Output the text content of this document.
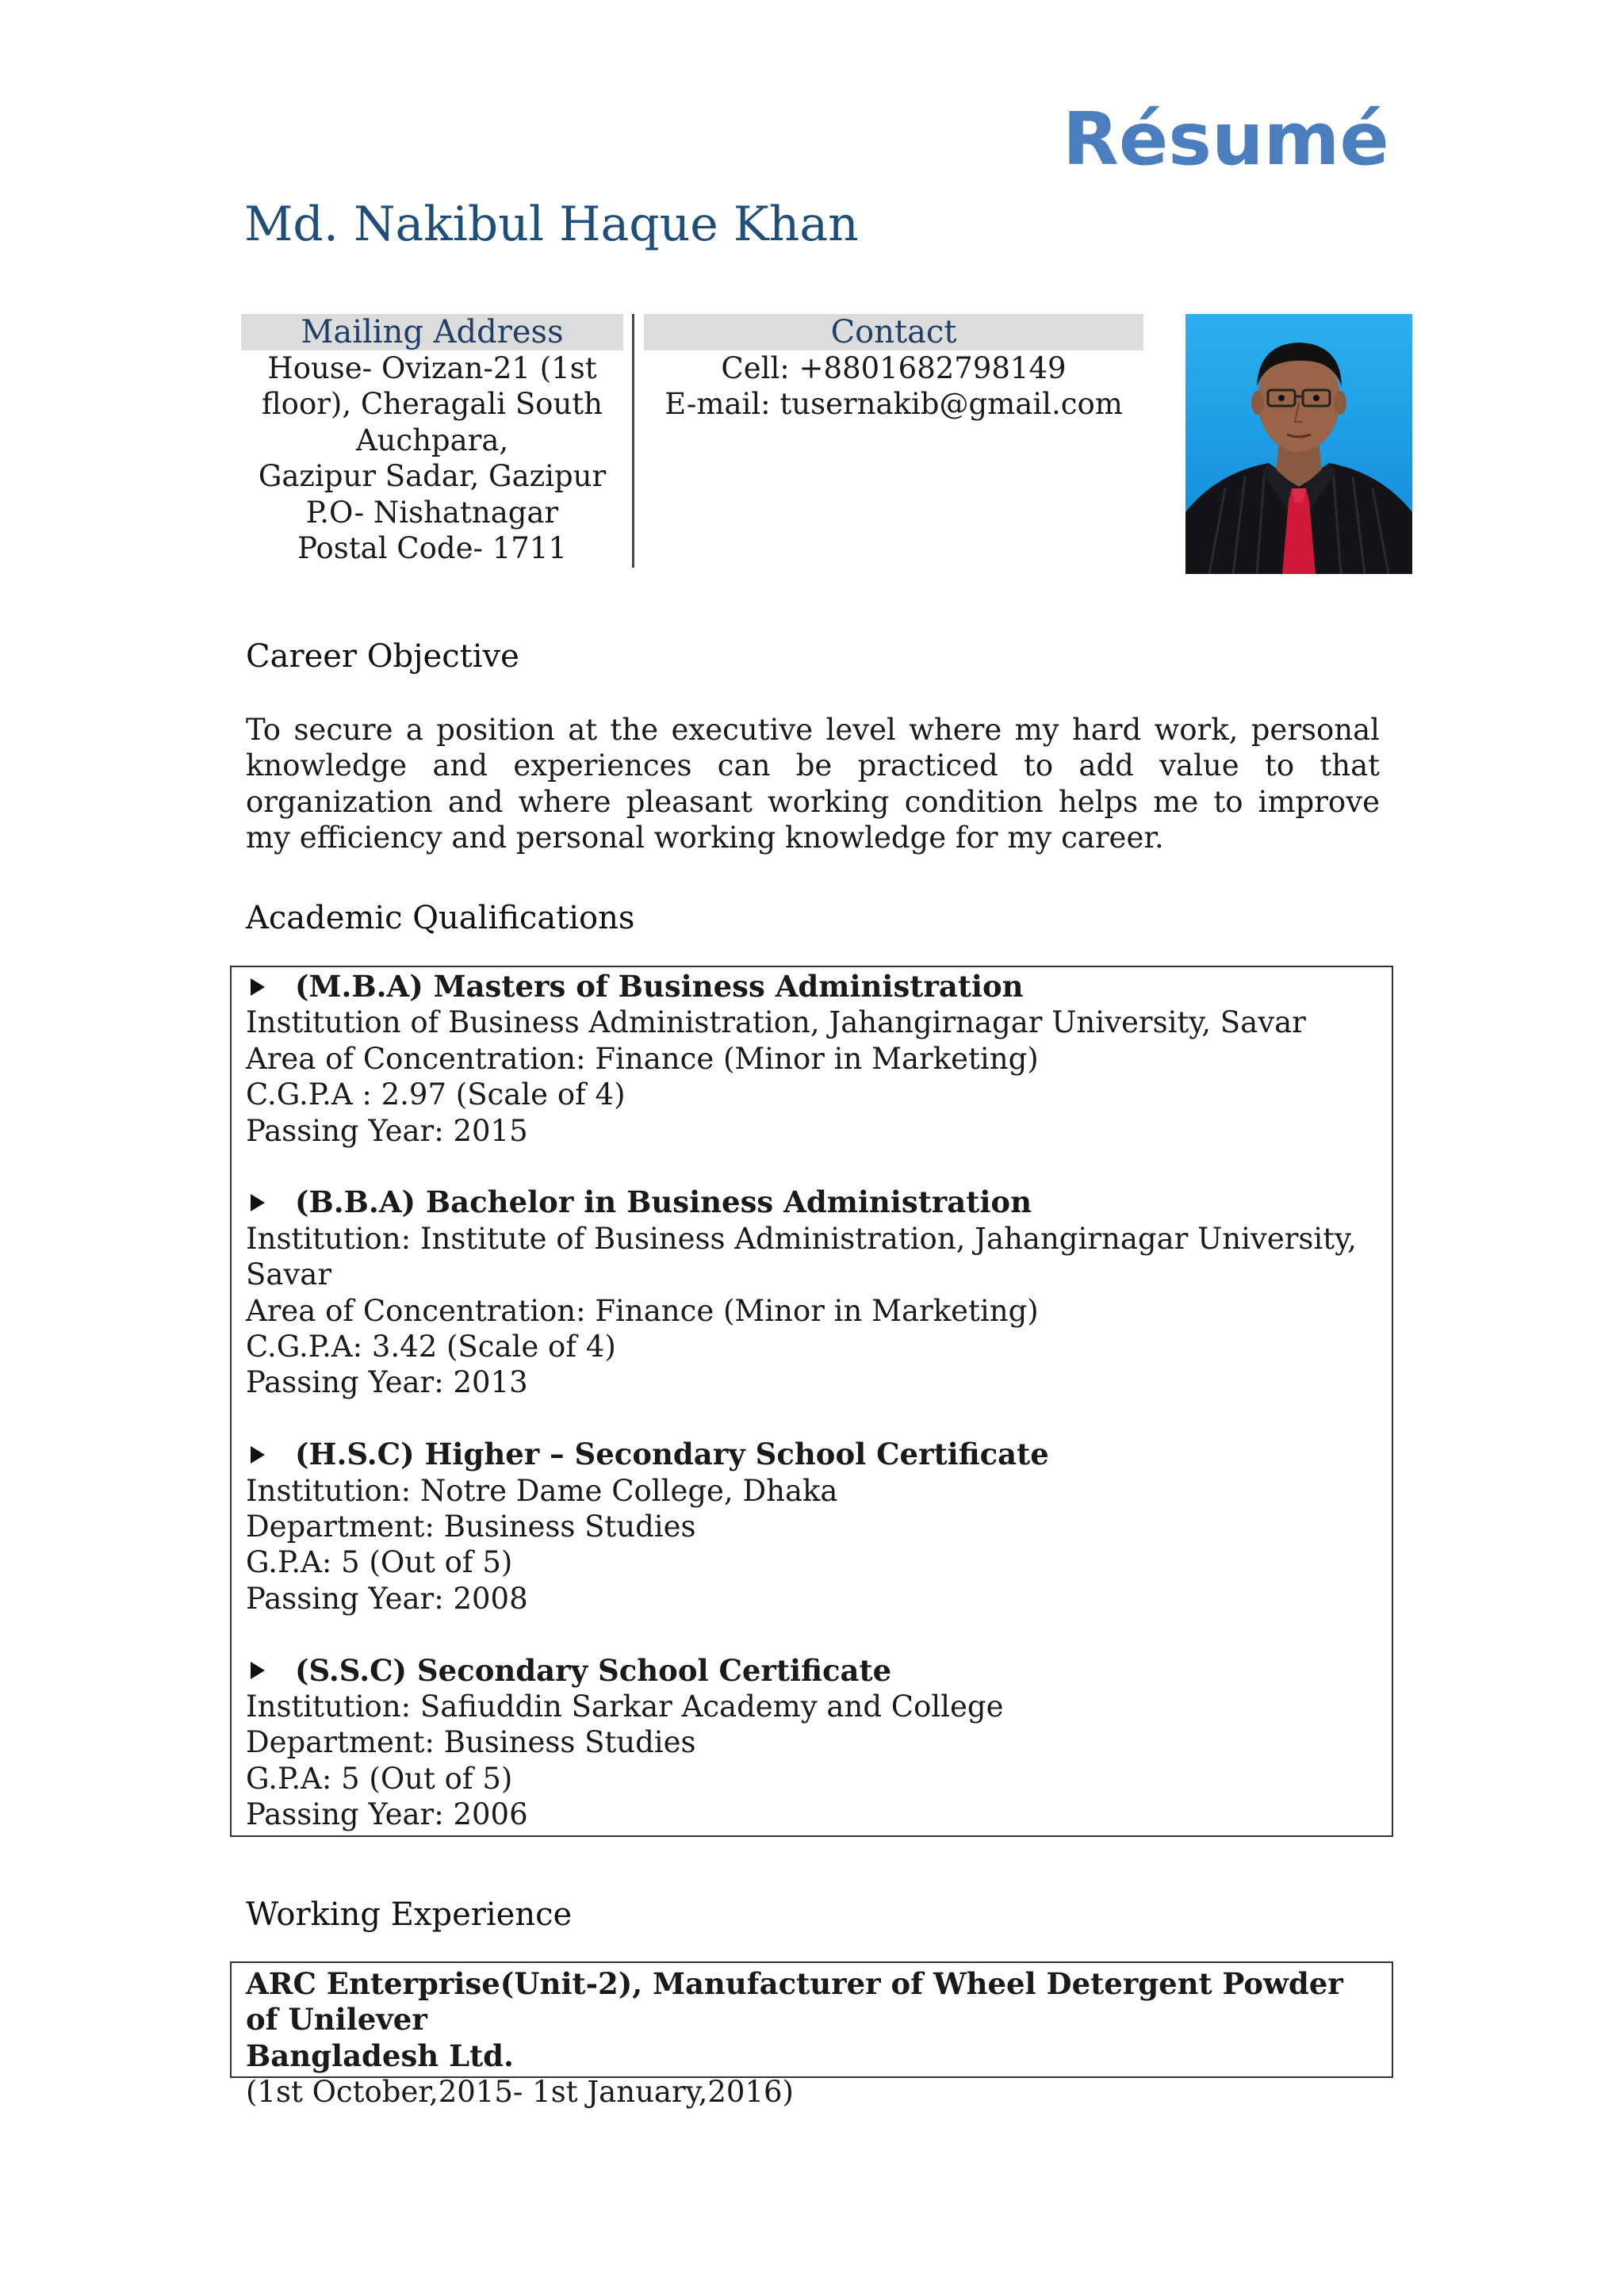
Résumé
Md. Nakibul Haque Khan
Mailing Address
House- Ovizan-21 (1st
floor), Cheragali South
Auchpara,
Gazipur Sadar, Gazipur
P.O- Nishatnagar
Postal Code- 1711
Contact
Cell: +8801682798149
E-mail: tusernakib@gmail.com
Career Objective

To secure a position at the executive level where my hard work, personal knowledge and experiences can be practiced to add value to that organization and where pleasant working condition helps me to improve my efficiency and personal working knowledge for my career.

Academic Qualifications
(M.B.A) Masters of Business Administration
Institution of Business Administration, Jahangirnagar University, Savar
Area of Concentration: Finance (Minor in Marketing)
C.G.P.A : 2.97 (Scale of 4)
Passing Year: 2015
(B.B.A) Bachelor in Business Administration
Institution: Institute of Business Administration, Jahangirnagar University,
Savar
Area of Concentration: Finance (Minor in Marketing)
C.G.P.A: 3.42 (Scale of 4)
Passing Year: 2013
(H.S.C) Higher – Secondary School Certificate
Institution: Notre Dame College, Dhaka
Department: Business Studies
G.P.A: 5 (Out of 5)
Passing Year: 2008
(S.S.C) Secondary School Certificate
Institution: Safiuddin Sarkar Academy and College
Department: Business Studies
G.P.A: 5 (Out of 5)
Passing Year: 2006
Working Experience
ARC Enterprise(Unit-2), Manufacturer of Wheel Detergent Powder of Unilever
Bangladesh Ltd.
(1st October,2015- 1st January,2016)
